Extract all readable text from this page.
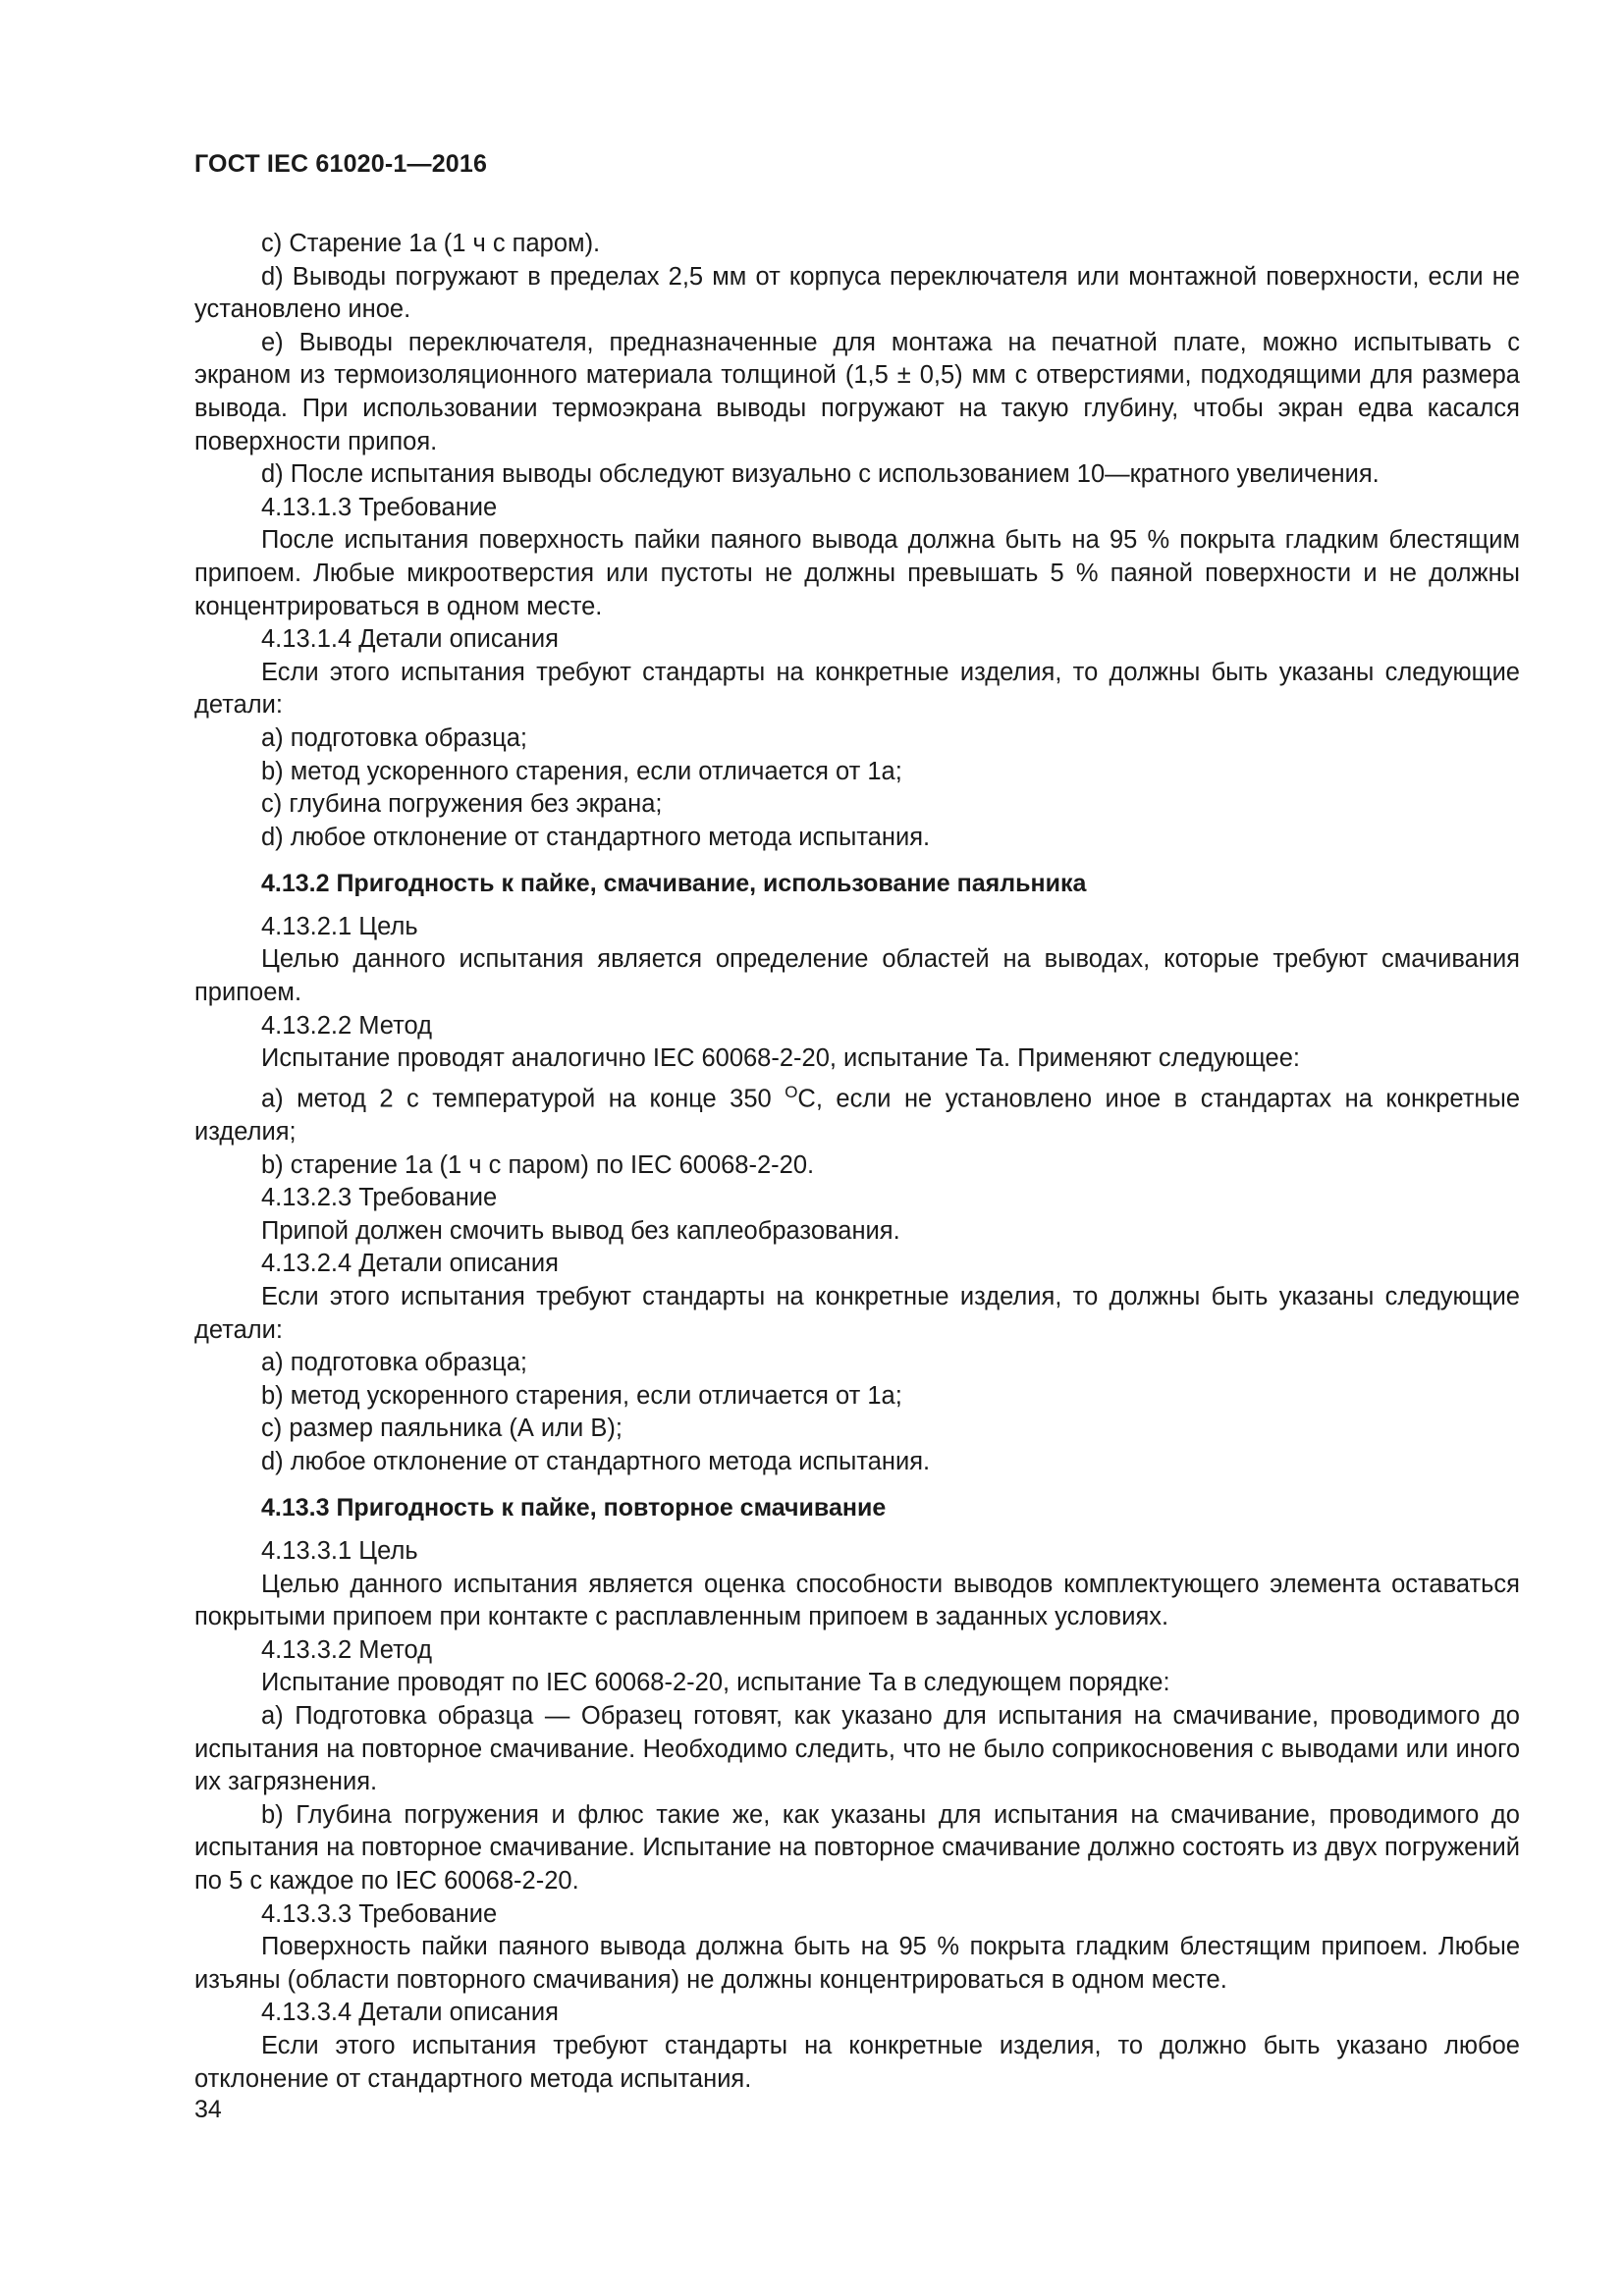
ГОСТ IEC 61020-1—2016

c) Старение 1а (1 ч с паром).

d) Выводы погружают в пределах 2,5 мм от корпуса переключателя или монтажной поверхности, если не установлено иное.

e) Выводы переключателя, предназначенные для монтажа на печатной плате, можно испытывать с экраном из термоизоляционного материала толщиной (1,5 ± 0,5) мм с отверстиями, подходящими для размера вывода. При использовании термоэкрана выводы погружают на такую глубину, чтобы экран едва касался поверхности припоя.

d) После испытания выводы обследуют визуально с использованием 10—кратного увеличения.

4.13.1.3 Требование

После испытания поверхность пайки паяного вывода должна быть на 95 % покрыта гладким блестящим припоем. Любые микроотверстия или пустоты не должны превышать 5 % паяной поверхности и не должны концентрироваться в одном месте.

4.13.1.4 Детали описания

Если этого испытания требуют стандарты на конкретные изделия, то должны быть указаны следующие детали:

a) подготовка образца;

b) метод ускоренного старения, если отличается от 1а;

c) глубина погружения без экрана;

d) любое отклонение от стандартного метода испытания.

4.13.2 Пригодность к пайке, смачивание, использование паяльника

4.13.2.1 Цель

Целью данного испытания является определение областей на выводах, которые требуют смачивания припоем.

4.13.2.2 Метод

Испытание проводят аналогично IEC 60068-2-20, испытание Та. Применяют следующее:

a) метод 2 с температурой на конце 350 $^O$C, если не установлено иное в стандартах на конкретные изделия;

b) старение 1а (1 ч с паром) по IEC 60068-2-20.

4.13.2.3 Требование

Припой должен смочить вывод без каплеобразования.

4.13.2.4 Детали описания

Если этого испытания требуют стандарты на конкретные изделия, то должны быть указаны следующие детали:

a) подготовка образца;

b) метод ускоренного старения, если отличается от 1а;

c) размер паяльника (А или В);

d) любое отклонение от стандартного метода испытания.

4.13.3 Пригодность к пайке, повторное смачивание

4.13.3.1 Цель

Целью данного испытания является оценка способности выводов комплектующего элемента оставаться покрытыми припоем при контакте с расплавленным припоем в заданных условиях.

4.13.3.2 Метод

Испытание проводят по IEC 60068-2-20, испытание Та в следующем порядке:

a) Подготовка образца — Образец готовят, как указано для испытания на смачивание, проводимого до испытания на повторное смачивание. Необходимо следить, что не было соприкосновения с выводами или иного их загрязнения.

b) Глубина погружения и флюс такие же, как указаны для испытания на смачивание, проводимого до испытания на повторное смачивание. Испытание на повторное смачивание должно состоять из двух погружений по 5 с каждое по IEC 60068-2-20.

4.13.3.3 Требование

Поверхность пайки паяного вывода должна быть на 95 % покрыта гладким блестящим припоем. Любые изъяны (области повторного смачивания) не должны концентрироваться в одном месте.

4.13.3.4 Детали описания

Если этого испытания требуют стандарты на конкретные изделия, то должно быть указано любое отклонение от стандартного метода испытания.

34
